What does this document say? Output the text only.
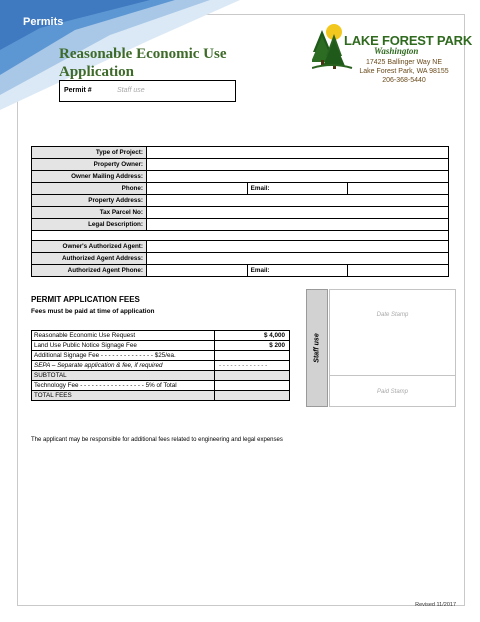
Permits
Reasonable Economic Use Application
LAKE FOREST PARK
Washington
17425 Ballinger Way NE
Lake Forest Park, WA 98155
206-368-5440
Permit #	Staff use
Type of Project:			
Property Owner:			
Owner Mailing Address:			
Phone:		Email:	
Property Address:			
Tax Parcel No:			
Legal Description:			

Owner's Authorized Agent:			
Authorized Agent Address:			
Authorized Agent Phone:		Email:	
PERMIT APPLICATION FEES
Fees must be paid at time of application
Reasonable Economic Use Request	$ 4,000
Land Use Public Notice Signage Fee	$ 200
Additional Signage Fee - - - - - - - - - - - - - - $25/ea.	
SEPA – Separate application & fee, if required	- - - - - - - - - - - - -
SUBTOTAL	
Technology Fee - - - - - - - - - - - - - - - - - 5% of Total	
TOTAL FEES	
Staff use
Date Stamp
Paid Stamp
The applicant may be responsible for additional fees related to engineering and legal expenses
Revised 11/2017
